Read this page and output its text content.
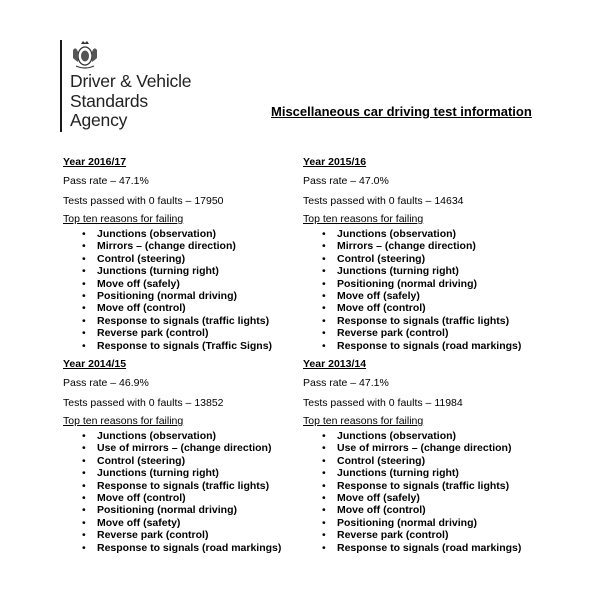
Driver & Vehicle
Standards
Agency	Miscellaneous car driving test information
Year 2016/17
Pass rate – 47.1%
Tests passed with 0 faults – 17950
Top ten reasons for failing
• Junctions (observation)
• Mirrors – (change direction)
• Control (steering)
• Junctions (turning right)
• Move off (safely)
• Positioning (normal driving)
• Move off (control)
• Response to signals (traffic lights)
• Reverse park (control)
• Response to signals (Traffic Signs)
Year 2015/16
Pass rate – 47.0%
Tests passed with 0 faults – 14634
Top ten reasons for failing
• Junctions (observation)
• Mirrors – (change direction)
• Control (steering)
• Junctions (turning right)
• Positioning (normal driving)
• Move off (safely)
• Move off (control)
• Response to signals (traffic lights)
• Reverse park (control)
• Response to signals (road markings)
Year 2014/15
Pass rate – 46.9%
Tests passed with 0 faults – 13852
Top ten reasons for failing
• Junctions (observation)
• Use of mirrors – (change direction)
• Control (steering)
• Junctions (turning right)
• Response to signals (traffic lights)
• Move off (control)
• Positioning (normal driving)
• Move off (safety)
• Reverse park (control)
• Response to signals (road markings)
Year 2013/14
Pass rate – 47.1%
Tests passed with 0 faults – 11984
Top ten reasons for failing
• Junctions (observation)
• Use of mirrors – (change direction)
• Control (steering)
• Junctions (turning right)
• Response to signals (traffic lights)
• Move off (safely)
• Move off (control)
• Positioning (normal driving)
• Reverse park (control)
• Response to signals (road markings)
